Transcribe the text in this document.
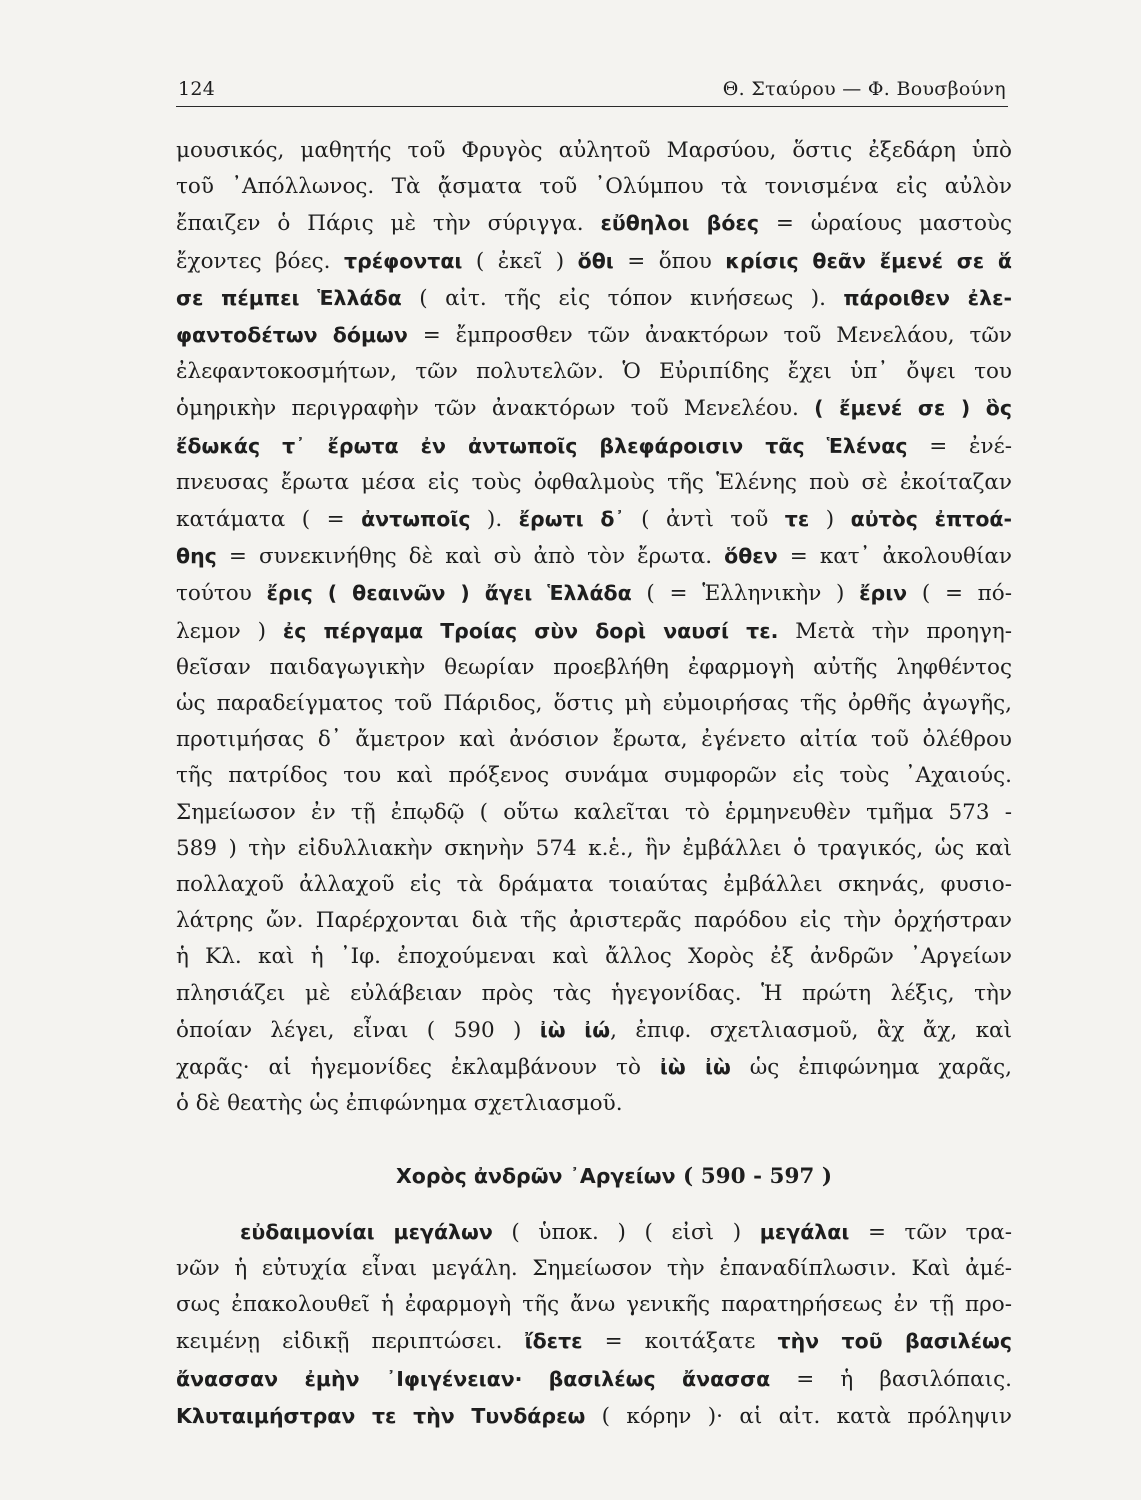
124	Θ. Σταύρου — Φ. Βουσβούνη
μουσικός, μαθητής τοῦ Φρυγὸς αὐλητοῦ Μαρσύου, ὅστις ἐξεδάρη ὑπὸ
τοῦ ᾿Απόλλωνος. Τὰ ᾄσματα τοῦ ᾿Ολύμπου τὰ τονισμένα εἰς αὐλὸν
ἔπαιζεν ὁ Πάρις μὲ τὴν σύριγγα. εὔθηλοι βόες = ὡραίους μαστοὺς
ἔχοντες βόες. τρέφονται ( ἐκεῖ ) ὅθι = ὅπου κρίσις θεᾶν ἔμενέ σε ἅ
σε πέμπει Ἑλλάδα ( αἰτ. τῆς εἰς τόπον κινήσεως ). πάροιθεν ἐλε-
φαντοδέτων δόμων = ἔμπροσθεν τῶν ἀνακτόρων τοῦ Μενελάου, τῶν
ἐλεφαντοκοσμήτων, τῶν πολυτελῶν. Ὁ Εὐριπίδης ἔχει ὑπ᾿ ὄψει του
ὁμηρικὴν περιγραφὴν τῶν ἀνακτόρων τοῦ Μενελέου. ( ἔμενέ σε ) ὃς
ἔδωκάς τ᾿ ἔρωτα ἐν ἀντωποῖς βλεφάροισιν τᾶς Ἑλένας = ἐνέ-
πνευσας ἔρωτα μέσα εἰς τοὺς ὀφθαλμοὺς τῆς Ἑλένης ποὺ σὲ ἐκοίταζαν
κατάματα ( = ἀντωποῖς ). ἔρωτι δ᾿ ( ἀντὶ τοῦ τε ) αὐτὸς ἐπτοά-
θης = συνεκινήθης δὲ καὶ σὺ ἀπὸ τὸν ἔρωτα. ὅθεν = κατ᾿ ἀκολουθίαν
τούτου ἔρις ( θεαινῶν ) ἄγει Ἑλλάδα ( = Ἑλληνικὴν ) ἔριν ( = πό-
λεμον ) ἐς πέργαμα Τροίας σὺν δορὶ ναυσί τε. Μετὰ τὴν προηγη-
θεῖσαν παιδαγωγικὴν θεωρίαν προεβλήθη ἐφαρμογὴ αὐτῆς ληφθέντος
ὡς παραδείγματος τοῦ Πάριδος, ὅστις μὴ εὐμοιρήσας τῆς ὀρθῆς ἀγωγῆς,
προτιμήσας δ᾿ ἄμετρον καὶ ἀνόσιον ἔρωτα, ἐγένετο αἰτία τοῦ ὀλέθρου
τῆς πατρίδος του καὶ πρόξενος συνάμα συμφορῶν εἰς τοὺς ᾿Αχαιούς.
Σημείωσον ἐν τῇ ἐπῳδῷ ( οὕτω καλεῖται τὸ ἑρμηνευθὲν τμῆμα 573 -
589 ) τὴν εἰδυλλιακὴν σκηνὴν 574 κ.ἑ., ἣν ἐμβάλλει ὁ τραγικός, ὡς καὶ
πολλαχοῦ ἀλλαχοῦ εἰς τὰ δράματα τοιαύτας ἐμβάλλει σκηνάς, φυσιο-
λάτρης ὤν. Παρέρχονται διὰ τῆς ἀριστερᾶς παρόδου εἰς τὴν ὀρχήστραν
ἡ Κλ. καὶ ἡ ᾿Ιφ. ἐποχούμεναι καὶ ἄλλος Χορὸς ἐξ ἀνδρῶν ᾿Αργείων
πλησιάζει μὲ εὐλάβειαν πρὸς τὰς ἡγεγονίδας. Ἡ πρώτη λέξις, τὴν
ὁποίαν λέγει, εἶναι ( 590 ) ἰὼ ἰώ, ἐπιφ. σχετλιασμοῦ, ἂχ ἄχ, καὶ
χαρᾶς· αἱ ἡγεμονίδες ἐκλαμβάνουν τὸ ἰὼ ἰὼ ὡς ἐπιφώνημα χαρᾶς,
ὁ δὲ θεατὴς ὡς ἐπιφώνημα σχετλιασμοῦ.
Χορὸς ἀνδρῶν ᾿Αργείων ( 590 - 597 )
εὐδαιμονίαι μεγάλων ( ὑποκ. ) ( εἰσὶ ) μεγάλαι = τῶν τρα-
νῶν ἡ εὐτυχία εἶναι μεγάλη. Σημείωσον τὴν ἐπαναδίπλωσιν. Καὶ ἀμέ-
σως ἐπακολουθεῖ ἡ ἐφαρμογὴ τῆς ἄνω γενικῆς παρατηρήσεως ἐν τῇ προ-
κειμένῃ εἰδικῇ περιπτώσει. ἴδετε = κοιτάξατε τὴν τοῦ βασιλέως
ἄνασσαν ἐμὴν ᾿Ιφιγένειαν· βασιλέως ἄνασσα = ἡ βασιλόπαις.
Κλυταιμήστραν τε τὴν Τυνδάρεω ( κόρην )· αἱ αἰτ. κατὰ πρόληψιν
